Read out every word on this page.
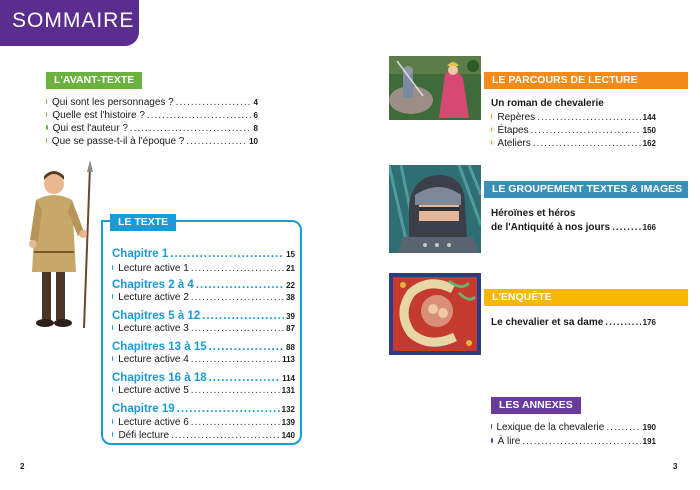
SOMMAIRE
L'AVANT-TEXTE
Qui sont les personnages ? .....	4
Quelle est l'histoire ? .....	6
Qui est l'auteur ? .....	8
Que se passe-t-il à l'époque ? .....	10
LE TEXTE
Chapitre 1 .....	15
Lecture active 1 .....	21
Chapitres 2 à 4 .....	22
Lecture active 2 .....	38
Chapitres 5 à 12 .....	39
Lecture active 3 .....	87
Chapitres 13 à 15 .....	88
Lecture active 4 .....	113
Chapitres 16 à 18 .....	114
Lecture active 5 .....	131
Chapitre 19 .....	132
Lecture active 6 .....	139
Défi lecture .....	140
2
LE PARCOURS DE LECTURE
Un roman de chevalerie
Repères .....	144
Étapes .....	150
Ateliers .....	162
LE GROUPEMENT TEXTES & IMAGES
Héroïnes et héros
de l'Antiquité à nos jours .....	166
L'ENQUÊTE
Le chevalier et sa dame .....	176
LES ANNEXES
Lexique de la chevalerie .....	190
À lire .....	191
3
